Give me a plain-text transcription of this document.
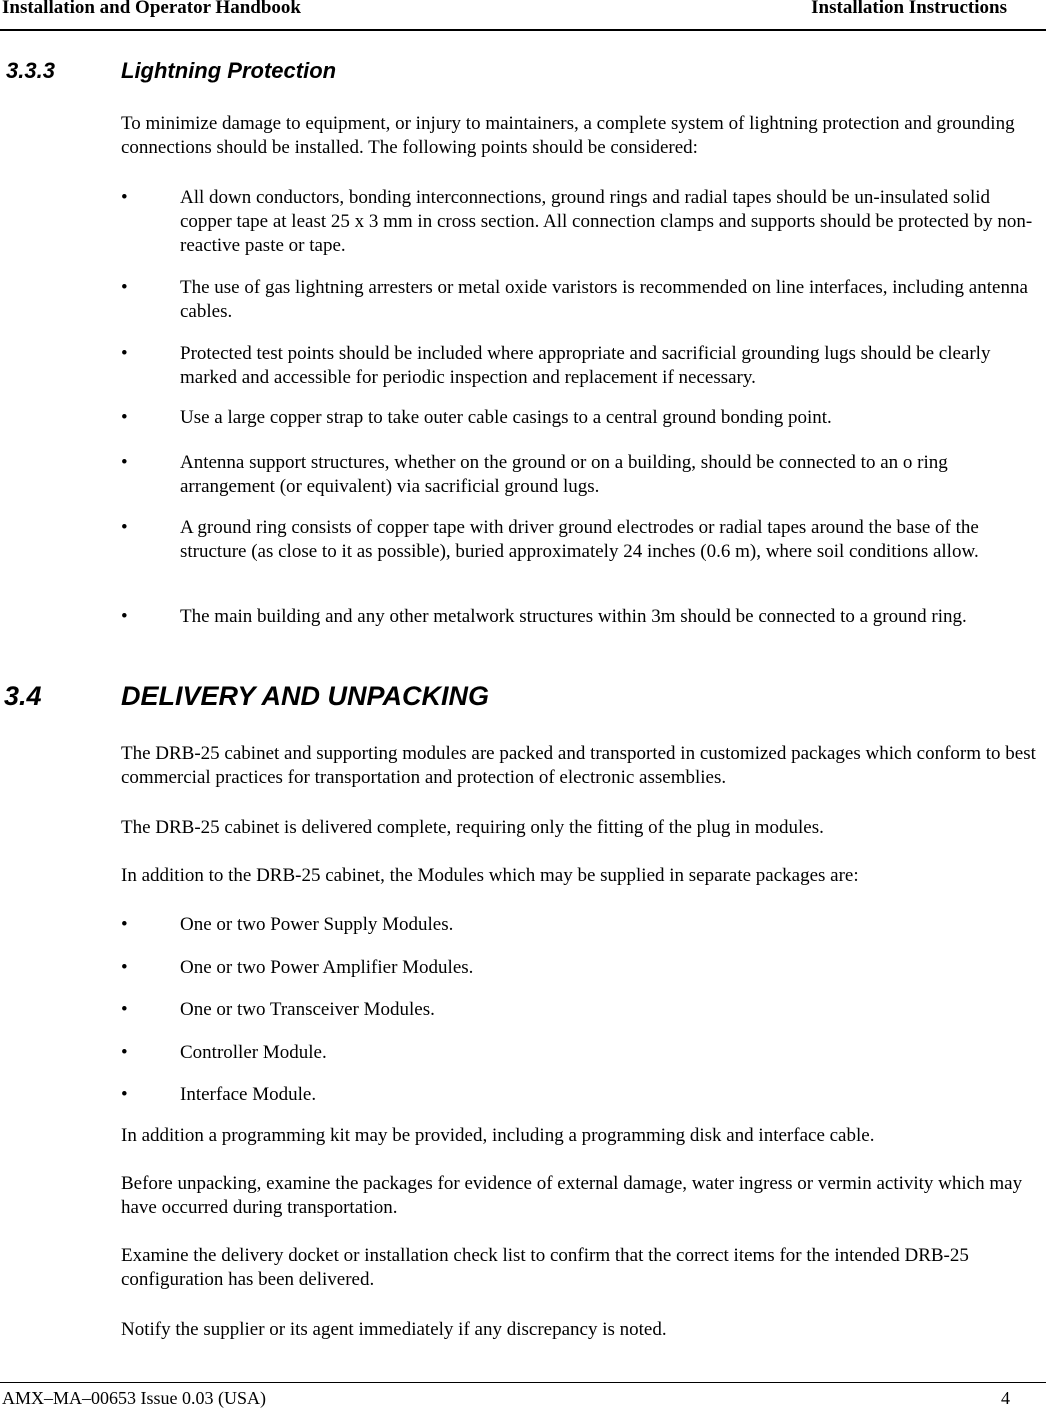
Installation and Operator Handbook	Installation Instructions
3.3.3	Lightning Protection

To minimize damage to equipment, or injury to maintainers, a complete system of lightning protection and grounding connections should be installed. The following points should be considered:

•	All down conductors, bonding interconnections, ground rings and radial tapes should be un-insulated solid copper tape at least 25 x 3 mm in cross section. All connection clamps and supports should be protected by non-reactive paste or tape.
•	The use of gas lightning arresters or metal oxide varistors is recommended on line interfaces, including antenna cables.
•	Protected test points should be included where appropriate and sacrificial grounding lugs should be clearly marked and accessible for periodic inspection and replacement if necessary.
•	Use a large copper strap to take outer cable casings to a central ground bonding point.
•	Antenna support structures, whether on the ground or on a building, should be connected to an o ring arrangement (or equivalent) via sacrificial ground lugs.
•	A ground ring consists of copper tape with driver ground electrodes or radial tapes around the base of the structure (as close to it as possible), buried approximately 24 inches (0.6 m), where soil conditions allow.
•	The main building and any other metalwork structures within 3m should be connected to a ground ring.
3.4	DELIVERY AND UNPACKING

The DRB-25 cabinet and supporting modules are packed and transported in customized packages which conform to best commercial practices for transportation and protection of electronic assemblies.

The DRB-25 cabinet is delivered complete, requiring only the fitting of the plug in modules.

In addition to the DRB-25 cabinet, the Modules which may be supplied in separate packages are:

•	One or two Power Supply Modules.
•	One or two Power Amplifier Modules.
•	One or two Transceiver Modules.
•	Controller Module.
•	Interface Module.

In addition a programming kit may be provided, including a programming disk and interface cable.

Before unpacking, examine the packages for evidence of external damage, water ingress or vermin activity which may have occurred during transportation.

Examine the delivery docket or installation check list to confirm that the correct items for the intended DRB-25 configuration has been delivered.

Notify the supplier or its agent immediately if any discrepancy is noted.

AMX–MA–00653 Issue 0.03 (USA)	4
